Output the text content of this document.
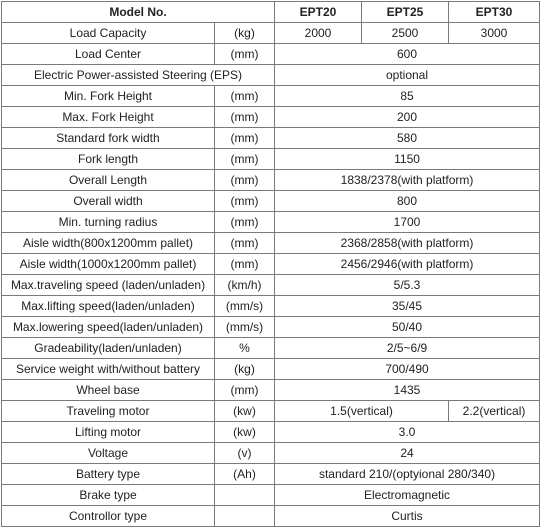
Model No.		EPT20	EPT25	EPT30
Load Capacity	(kg)	2000	2500	3000
Load Center	(mm)	600		
Electric Power-assisted Steering (EPS)		optional		
Min. Fork Height	(mm)	85		
Max. Fork Height	(mm)	200		
Standard fork width	(mm)	580		
Fork length	(mm)	1150		
Overall Length	(mm)	1838/2378(with platform)		
Overall width	(mm)	800		
Min. turning radius	(mm)	1700		
Aisle width(800x1200mm pallet)	(mm)	2368/2858(with platform)		
Aisle width(1000x1200mm pallet)	(mm)	2456/2946(with platform)		
Max.traveling speed (laden/unladen)	(km/h)	5/5.3		
Max.lifting speed(laden/unladen)	(mm/s)	35/45		
Max.lowering speed(laden/unladen)	(mm/s)	50/40		
Gradeability(laden/unladen)	%	2/5~6/9		
Service weight with/without battery	(kg)	700/490		
Wheel base	(mm)	1435		
Traveling motor	(kw)	1.5(vertical)		2.2(vertical)
Lifting motor	(kw)	3.0		
Voltage	(v)	24		
Battery type	(Ah)	standard 210/(optyional 280/340)		
Brake type		Electromagnetic		
Controllor type		Curtis		
